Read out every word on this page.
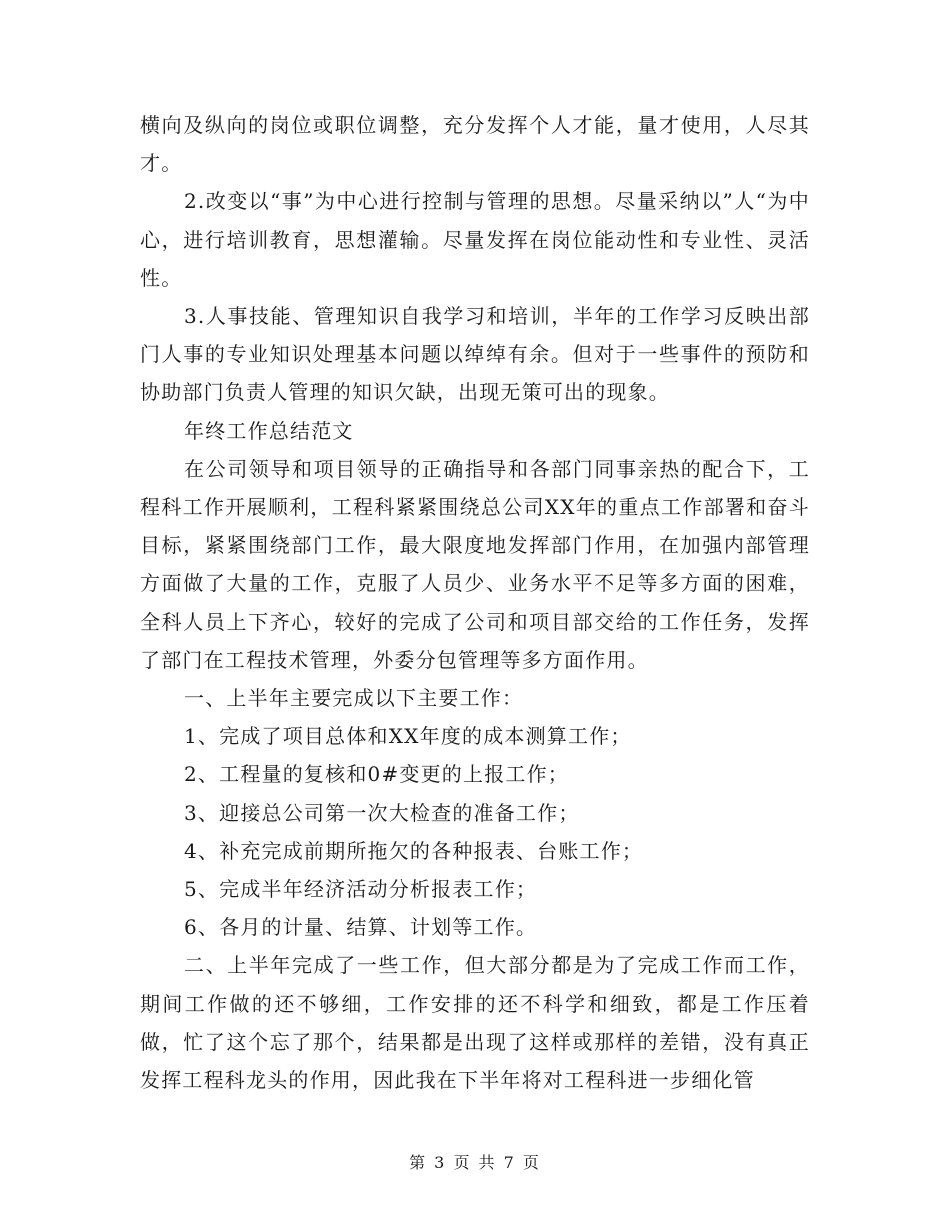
横向及纵向的岗位或职位调整，充分发挥个人才能，量才使用，人尽其才。

2.改变以“事”为中心进行控制与管理的思想。尽量采纳以”人“为中心，进行培训教育，思想灌输。尽量发挥在岗位能动性和专业性、灵活性。

3.人事技能、管理知识自我学习和培训，半年的工作学习反映出部门人事的专业知识处理基本问题以绰绰有余。但对于一些事件的预防和协助部门负责人管理的知识欠缺，出现无策可出的现象。

年终工作总结范文

在公司领导和项目领导的正确指导和各部门同事亲热的配合下，工程科工作开展顺利，工程科紧紧围绕总公司XX年的重点工作部署和奋斗目标，紧紧围绕部门工作，最大限度地发挥部门作用，在加强内部管理方面做了大量的工作，克服了人员少、业务水平不足等多方面的困难，全科人员上下齐心，较好的完成了公司和项目部交给的工作任务，发挥了部门在工程技术管理，外委分包管理等多方面作用。

一、上半年主要完成以下主要工作：

1、完成了项目总体和XX年度的成本测算工作；

2、工程量的复核和0#变更的上报工作；

3、迎接总公司第一次大检查的准备工作；

4、补充完成前期所拖欠的各种报表、台账工作；

5、完成半年经济活动分析报表工作；

6、各月的计量、结算、计划等工作。

二、上半年完成了一些工作，但大部分都是为了完成工作而工作，期间工作做的还不够细，工作安排的还不科学和细致，都是工作压着做，忙了这个忘了那个，结果都是出现了这样或那样的差错，没有真正发挥工程科龙头的作用，因此我在下半年将对工程科进一步细化管

第 3 页 共 7 页
